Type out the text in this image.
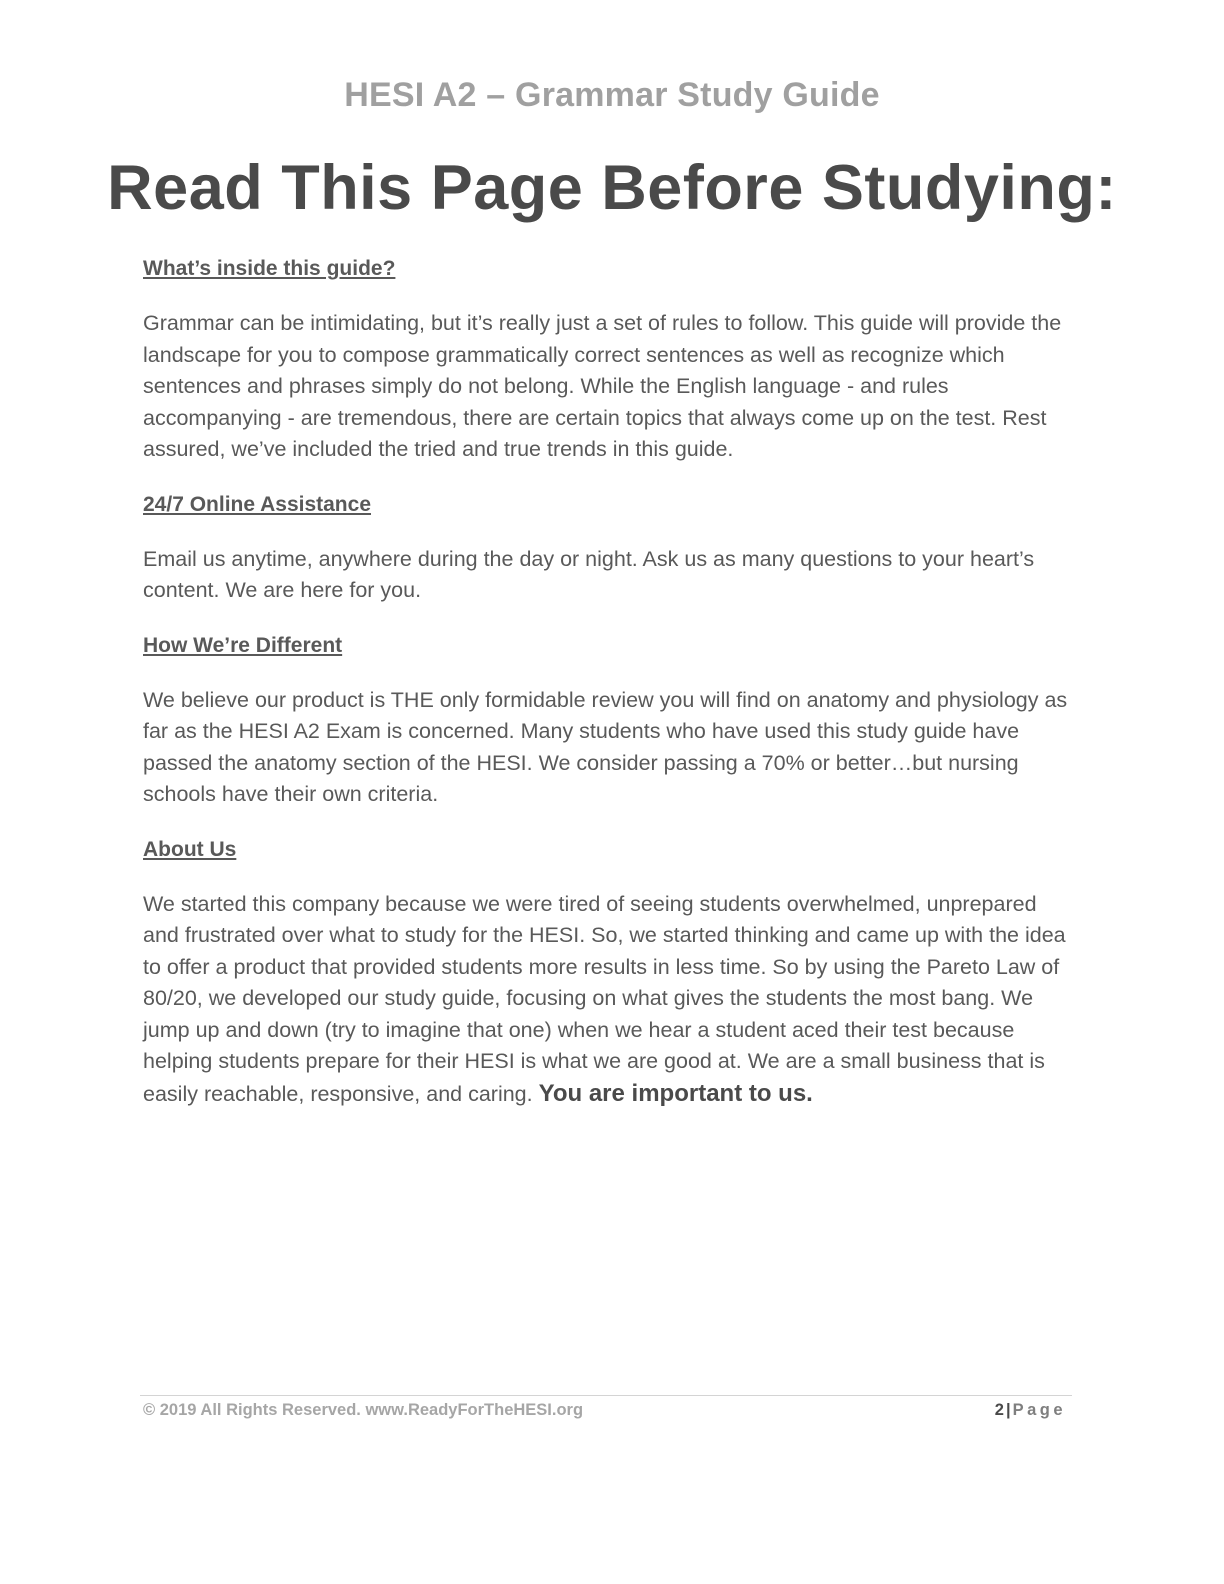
HESI A2 – Grammar Study Guide
Read This Page Before Studying:

What’s inside this guide?

Grammar can be intimidating, but it’s really just a set of rules to follow. This guide will provide the landscape for you to compose grammatically correct sentences as well as recognize which sentences and phrases simply do not belong. While the English language - and rules accompanying - are tremendous, there are certain topics that always come up on the test. Rest assured, we’ve included the tried and true trends in this guide.

24/7 Online Assistance

Email us anytime, anywhere during the day or night. Ask us as many questions to your heart’s content. We are here for you.

How We’re Different

We believe our product is THE only formidable review you will find on anatomy and physiology as far as the HESI A2 Exam is concerned. Many students who have used this study guide have passed the anatomy section of the HESI. We consider passing a 70% or better…but nursing schools have their own criteria.

About Us

We started this company because we were tired of seeing students overwhelmed, unprepared and frustrated over what to study for the HESI. So, we started thinking and came up with the idea to offer a product that provided students more results in less time. So by using the Pareto Law of 80/20, we developed our study guide, focusing on what gives the students the most bang. We jump up and down (try to imagine that one) when we hear a student aced their test because helping students prepare for their HESI is what we are good at. We are a small business that is easily reachable, responsive, and caring. You are important to us.

© 2019 All Rights Reserved. www.ReadyForTheHESI.org	2 | Page
